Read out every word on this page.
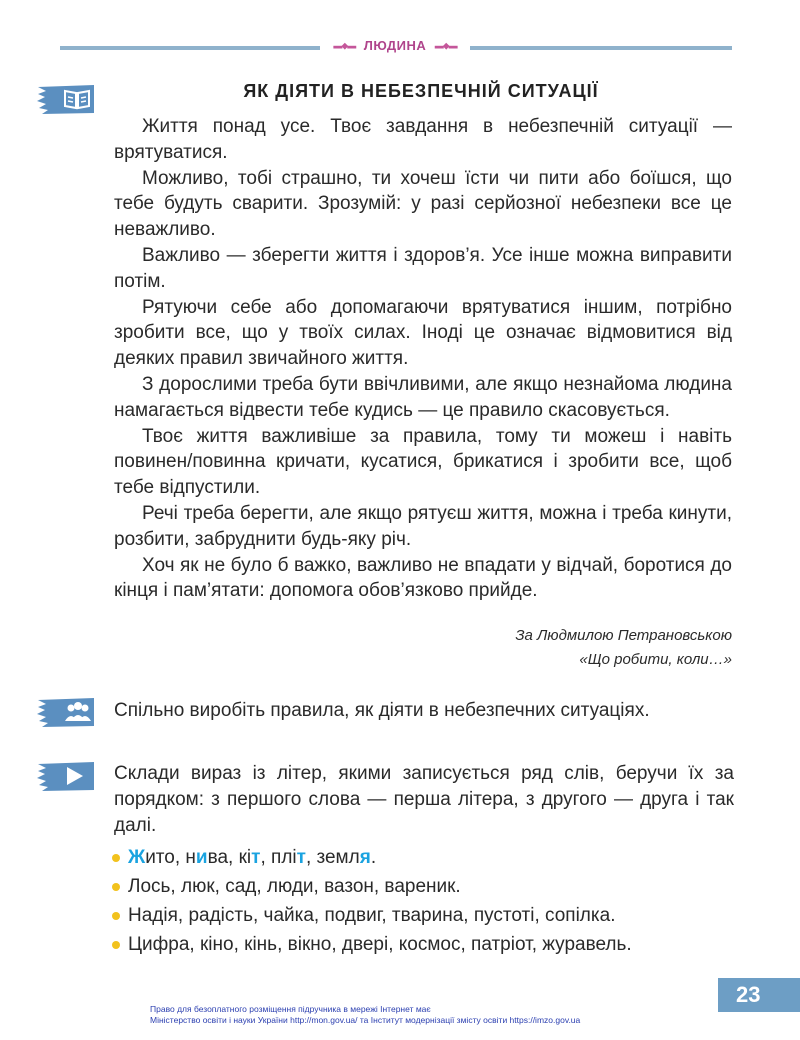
▬◆▬ ЛЮДИНА ▬◆▬
ЯК ДІЯТИ В НЕБЕЗПЕЧНІЙ СИТУАЦІЇ

Життя понад усе. Твоє завдання в небезпечній ситуації — врятуватися.

Можливо, тобі страшно, ти хочеш їсти чи пити або боїшся, що тебе будуть сварити. Зрозумій: у разі серйозної небезпеки все це неважливо.

Важливо — зберегти життя і здоров’я. Усе інше можна виправити потім.

Рятуючи себе або допомагаючи врятуватися іншим, потрібно зробити все, що у твоїх силах. Іноді це означає відмовитися від деяких правил звичайного життя.

З дорослими треба бути ввічливими, але якщо незнайома людина намагається відвести тебе кудись — це правило скасовується.

Твоє життя важливіше за правила, тому ти можеш і навіть повинен/повинна кричати, кусатися, брикатися і зробити все, щоб тебе відпустили.

Речі треба берегти, але якщо рятуєш життя, можна і треба кинути, розбити, забруднити будь-яку річ.

Хоч як не було б важко, важливо не впадати у відчай, боротися до кінця і пам’ятати: допомога обов’язково прийде.

За Людмилою Петрановською
«Що робити, коли…»
Спільно виробіть правила, як діяти в небезпечних ситуаціях.
Склади вираз із літер, якими записується ряд слів, беручи їх за порядком: з першого слова — перша літера, з другого — друга і так далі.
Жито, нива, кіт, пліт, земля.
Лось, люк, сад, люди, вазон, вареник.
Надія, радість, чайка, подвиг, тварина, пустоті, сопілка.
Цифра, кіно, кінь, вікно, двері, космос, патріот, журавель.
23
Право для безоплатного розміщення підручника в мережі Інтернет має
Міністерство освіти і науки України http://mon.gov.ua/ та Інститут модернізації змісту освіти https://imzo.gov.ua
